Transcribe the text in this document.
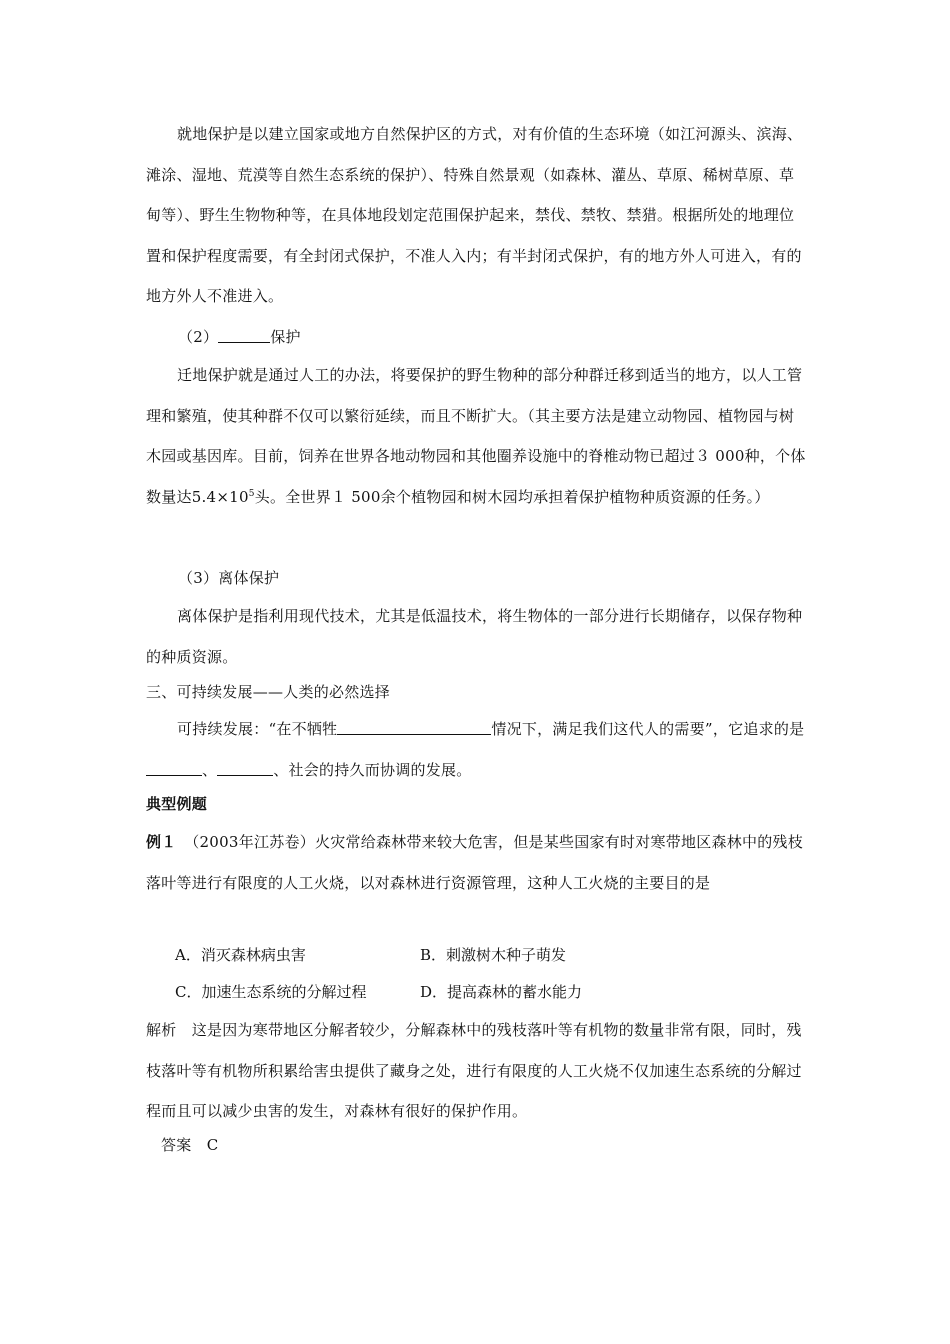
就地保护是以建立国家或地方自然保护区的方式，对有价值的生态环境（如江河源头、滨海、滩涂、湿地、荒漠等自然生态系统的保护）、特殊自然景观（如森林、灌丛、草原、稀树草原、草甸等）、野生生物物种等，在具体地段划定范围保护起来，禁伐、禁牧、禁猎。根据所处的地理位置和保护程度需要，有全封闭式保护，不准人入内；有半封闭式保护，有的地方外人可进入，有的地方外人不准进入。

（2）	保护

迁地保护就是通过人工的办法，将要保护的野生物种的部分种群迁移到适当的地方，以人工管理和繁殖，使其种群不仅可以繁衍延续，而且不断扩大。（其主要方法是建立动物园、植物园与树木园或基因库。目前，饲养在世界各地动物园和其他圈养设施中的脊椎动物已超过３ 000种，个体数量达$5.4\times 10^5$头。全世界１ 500余个植物园和树木园均承担着保护植物种质资源的任务。）

（3）离体保护

离体保护是指利用现代技术，尤其是低温技术，将生物体的一部分进行长期储存，以保存物种的种质资源。

三、可持续发展——人类的必然选择

可持续发展：“在不牺牲	情况下，满足我们这代人的需要”，它追求的是、	、社会的持久而协调的发展。

典型例题

例１　（2003年江苏卷）火灾常给森林带来较大危害，但是某些国家有时对寒带地区森林中的残枝落叶等进行有限度的人工火烧，以对森林进行资源管理，这种人工火烧的主要目的是

A．消灭森林病虫害	B．刺激树木种子萌发
C．加速生态系统的分解过程	D．提高森林的蓄水能力

解析　这是因为寒带地区分解者较少，分解森林中的残枝落叶等有机物的数量非常有限，同时，残枝落叶等有机物所积累给害虫提供了藏身之处，进行有限度的人工火烧不仅加速生态系统的分解过程而且可以减少虫害的发生，对森林有很好的保护作用。

答案　C
